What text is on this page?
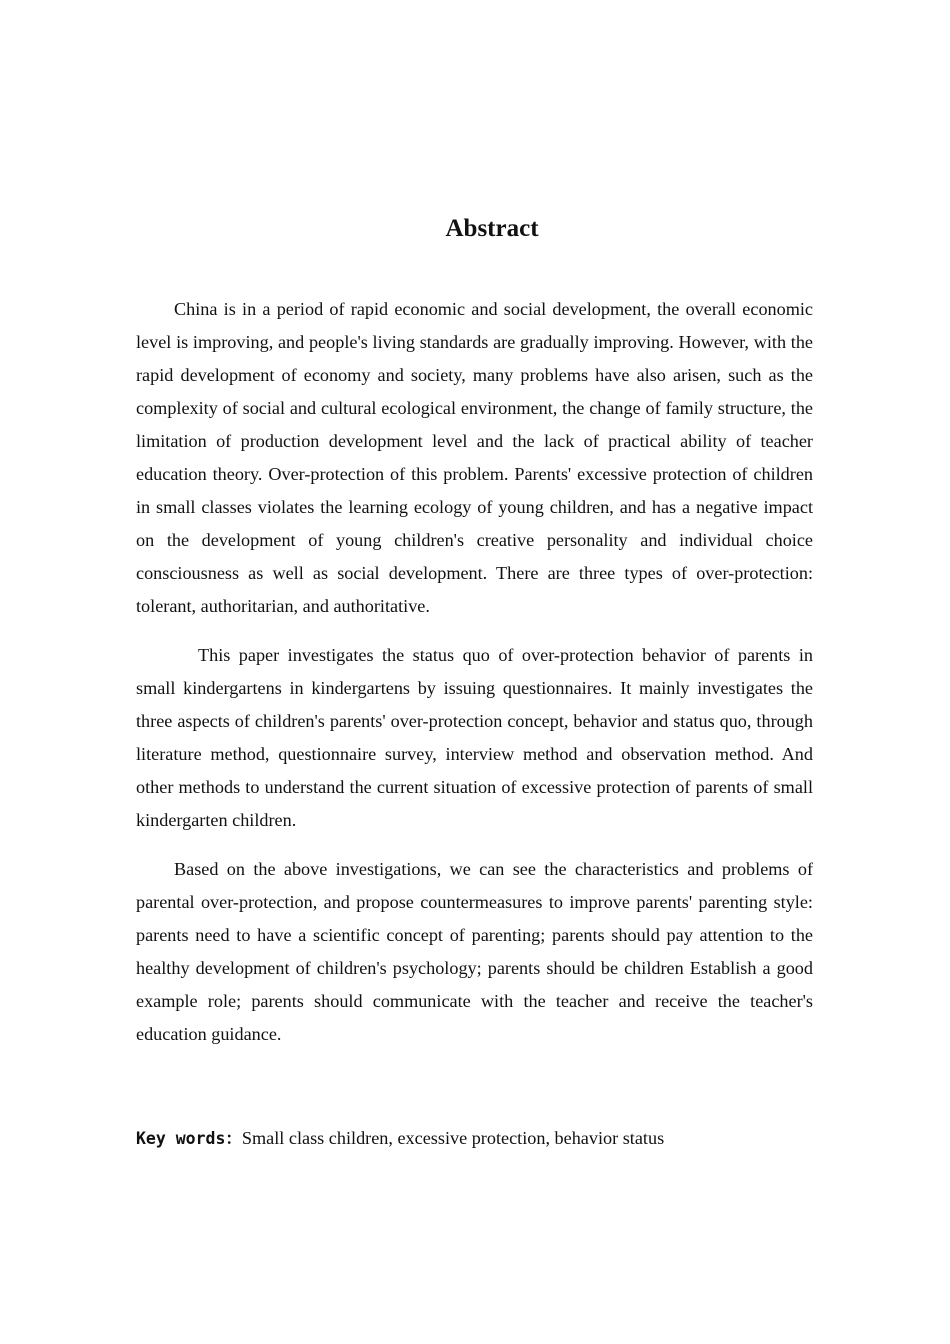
Abstract

China is in a period of rapid economic and social development, the overall economic level is improving, and people's living standards are gradually improving. However, with the rapid development of economy and society, many problems have also arisen, such as the complexity of social and cultural ecological environment, the change of family structure, the limitation of production development level and the lack of practical ability of teacher education theory. Over-protection of this problem. Parents' excessive protection of children in small classes violates the learning ecology of young children, and has a negative impact on the development of young children's creative personality and individual choice consciousness as well as social development. There are three types of over-protection: tolerant, authoritarian, and authoritative.

This paper investigates the status quo of over-protection behavior of parents in small kindergartens in kindergartens by issuing questionnaires. It mainly investigates the three aspects of children's parents' over-protection concept, behavior and status quo, through literature method, questionnaire survey, interview method and observation method. And other methods to understand the current situation of excessive protection of parents of small kindergarten children.

Based on the above investigations, we can see the characteristics and problems of parental over-protection, and propose countermeasures to improve parents' parenting style: parents need to have a scientific concept of parenting; parents should pay attention to the healthy development of children's psychology; parents should be children Establish a good example role; parents should communicate with the teacher and receive the teacher's education guidance.

Key words：Small class children, excessive protection, behavior status
